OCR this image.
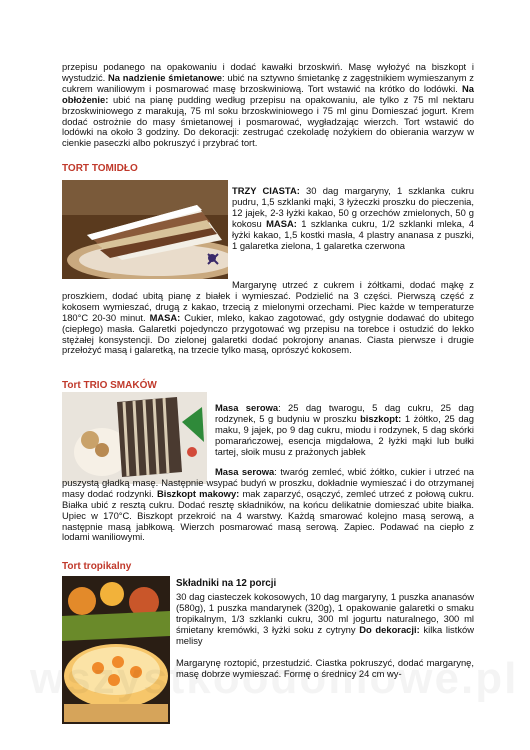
przepisu podanego na opakowaniu i dodać kawałki brzoskwiń. Masę wyłożyć na biszkopt i wystudzić. Na nadzienie śmietanowe: ubić na sztywno śmietankę z zagęstnikiem wymieszanym z cukrem waniliowym i posmarować masę brzoskwiniową. Tort wstawić na krótko do lodówki. Na obłożenie: ubić na pianę pudding według przepisu na opakowaniu, ale tylko z 75 ml nektaru brzoskwiniowego z marakują, 75 ml soku brzoskwiniowego i 75 ml ginu Domieszać jogurt. Krem dodać ostrożnie do masy śmietanowej i posmarować, wygładzając wierzch. Tort wstawić do lodówki na około 3 godziny. Do dekoracji: zestrugać czekoladę nożykiem do obierania warzyw w cienkie paseczki albo pokruszyć i przybrać tort.

TORT TOMIDŁO

TRZY CIASTA: 30 dag margaryny, 1 szklanka cukru pudru, 1,5 szklanki mąki, 3 łyżeczki proszku do pieczenia, 12 jajek, 2-3 łyżki kakao, 50 g orzechów zmielonych, 50 g kokosu MASA: 1 szklanka cukru, 1/2 szklanki mleka, 4 łyżki kakao, 1,5 kostki masła, 4 plastry ananasa z puszki, 1 galaretka zielona, 1 galaretka czerwona

Margarynę utrzeć z cukrem i żółtkami, dodać mąkę z proszkiem, dodać ubitą pianę z białek i wymieszać. Podzielić na 3 części. Pierwszą część z kokosem wymieszać, drugą z kakao, trzecią z mielonymi orzechami. Piec każde w temperaturze 180°C 20-30 minut. MASA: Cukier, mleko, kakao zagotować, gdy ostygnie dodawać do ubitego (ciepłego) masła. Galaretki pojedynczo przygotować wg przepisu na torebce i ostudzić do lekko stężałej konsystencji. Do zielonej galaretki dodać pokrojony ananas. Ciasta pierwsze i drugie przełożyć masą i galaretką, na trzecie tylko masą, oprószyć kokosem.

Tort TRIO SMAKÓW

Masa serowa: 25 dag twarogu, 5 dag cukru, 25 dag rodzynek, 5 g budyniu w proszku biszkopt: 1 żółtko, 25 dag maku, 9 jajek, po 9 dag cukru, miodu i rodzynek, 5 dag skórki pomarańczowej, esencja migdałowa, 2 łyżki mąki lub bułki tartej, słoik musu z prażonych jabłek

Masa serowa: twaróg zemleć, wbić żółtko, cukier i utrzeć na puszystą gładką masę. Następnie wsypać budyń w proszku, dokładnie wymieszać i do otrzymanej masy dodać rodzynki. Biszkopt makowy: mak zaparzyć, osączyć, zemleć utrzeć z połową cukru. Białka ubić z resztą cukru. Dodać resztę składników, na końcu delikatnie domieszać ubite białka. Upiec w 170°C. Biszkopt przekroić na 4 warstwy. Każdą smarować kolejno masą serową, a następnie masą jabłkową. Wierzch posmarować masą serową. Zapiec. Podawać na ciepło z lodami waniliowymi.

Tort tropikalny

Składniki na 12 porcji

30 dag ciasteczek kokosowych, 10 dag margaryny, 1 puszka ananasów (580g), 1 puszka mandarynek (320g), 1 opakowanie galaretki o smaku tropikalnym, 1/3 szklanki cukru, 300 ml jogurtu naturalnego, 300 ml śmietany kremówki, 3 łyżki soku z cytryny Do dekoracji: kilka listków melisy

Margarynę roztopić, przestudzić. Ciastka pokruszyć, dodać margarynę, masę dobrze wymieszać. Formę o średnicy 24 cm wy-
